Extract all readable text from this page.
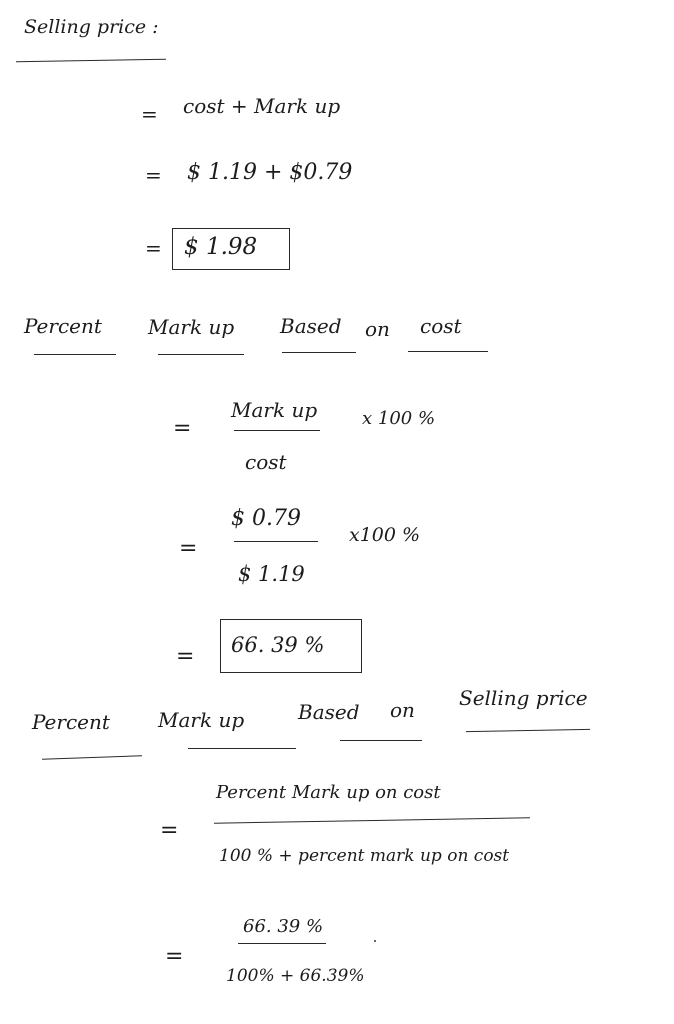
Selling price :
= cost + Mark up
= $ 1.19 + $0.79
= $ 1.98
Percent Mark up Based on cost
=
Mark up
cost
x 100 %
=
$ 0.79
$ 1.19
x100 %
= 66. 39 %
Percent Mark up	Based on Selling price
=
Percent Mark up on cost
100 % + percent mark up on cost
=
66. 39 %
100% + 66.39%
